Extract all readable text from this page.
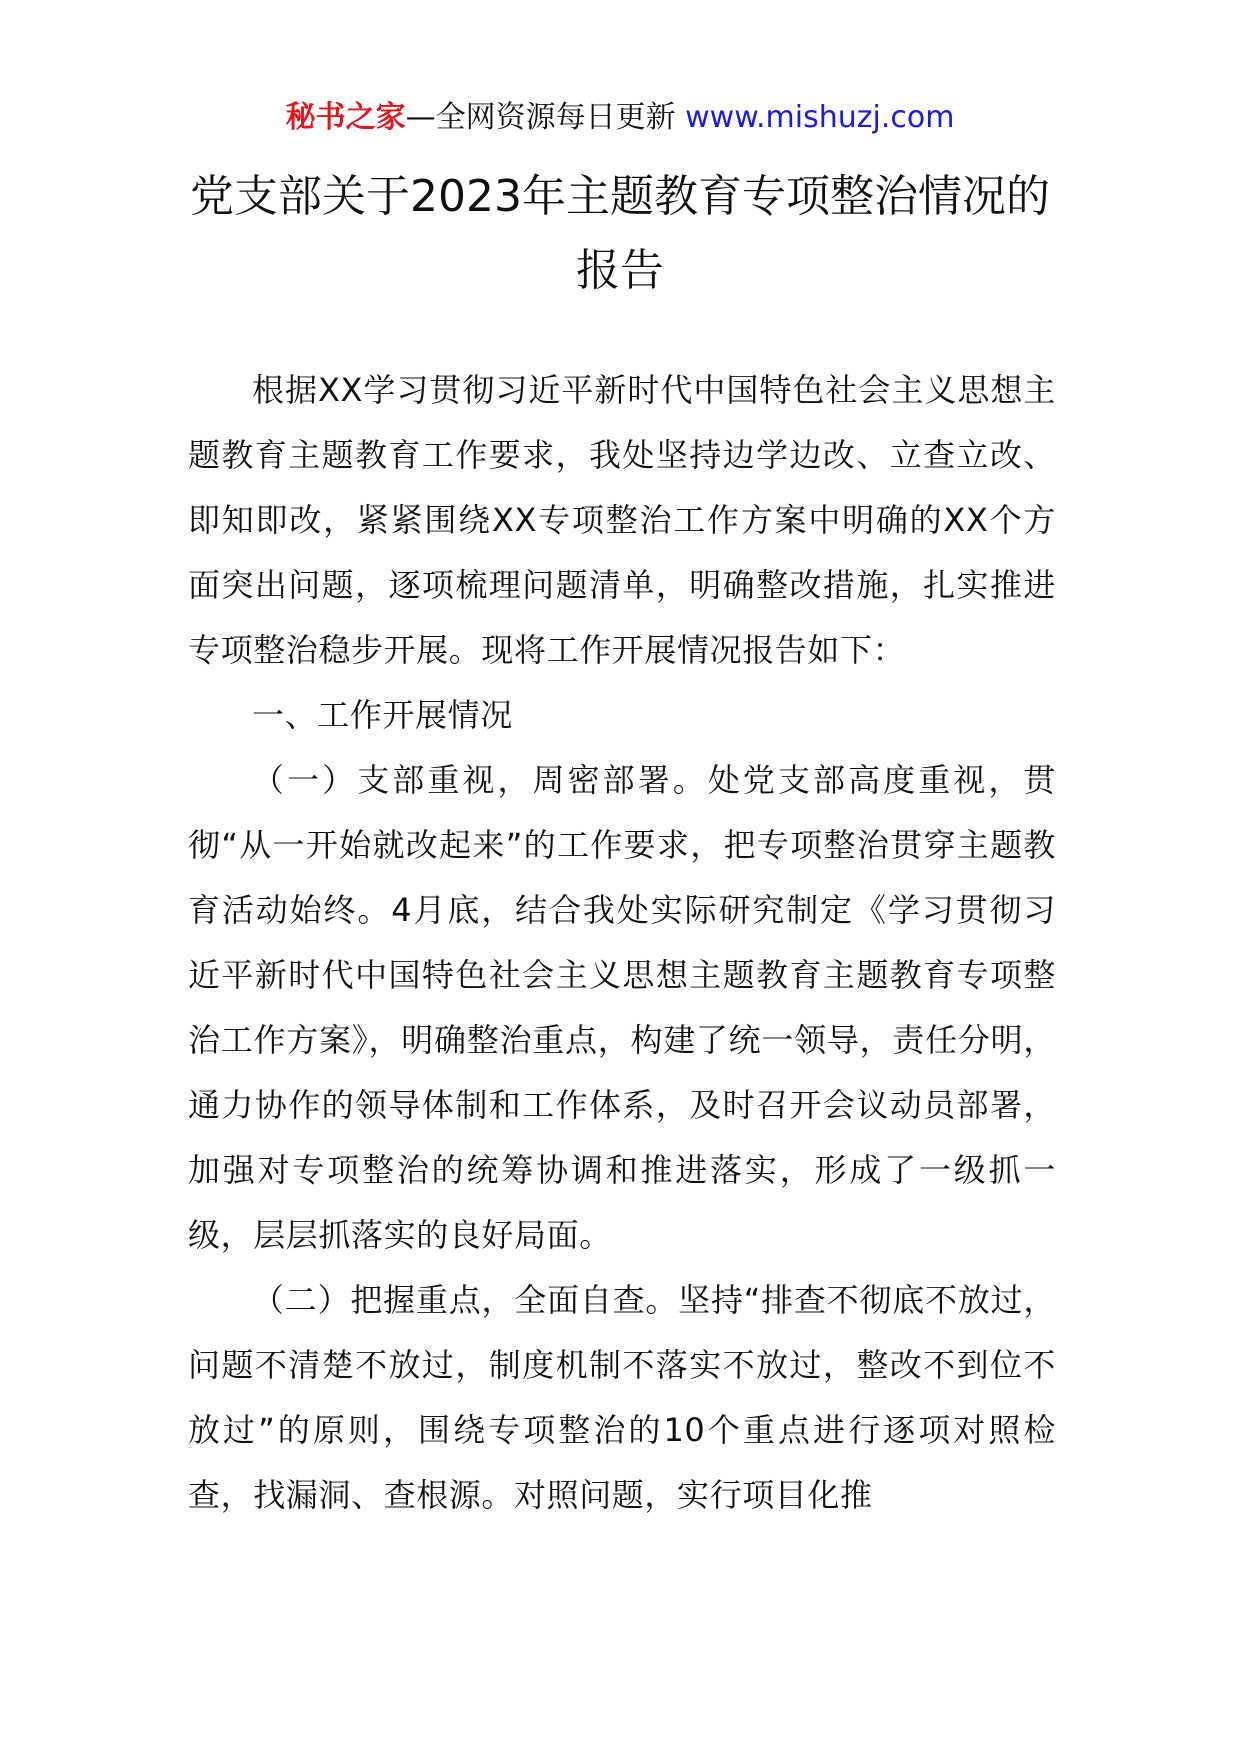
秘书之家—全网资源每日更新 www.mishuzj.com
党支部关于2023年主题教育专项整治情况的报告

根据XX学习贯彻习近平新时代中国特色社会主义思想主题教育主题教育工作要求，我处坚持边学边改、立查立改、即知即改，紧紧围绕XX专项整治工作方案中明确的XX个方面突出问题，逐项梳理问题清单，明确整改措施，扎实推进专项整治稳步开展。现将工作开展情况报告如下：

一、工作开展情况

（一）支部重视，周密部署。处党支部高度重视，贯彻“从一开始就改起来”的工作要求，把专项整治贯穿主题教育活动始终。4月底，结合我处实际研究制定《学习贯彻习近平新时代中国特色社会主义思想主题教育主题教育专项整治工作方案》，明确整治重点，构建了统一领导，责任分明，通力协作的领导体制和工作体系，及时召开会议动员部署，加强对专项整治的统筹协调和推进落实，形成了一级抓一级，层层抓落实的良好局面。

（二）把握重点，全面自查。坚持“排查不彻底不放过，问题不清楚不放过，制度机制不落实不放过，整改不到位不放过”的原则，围绕专项整治的10个重点进行逐项对照检查，找漏洞、查根源。对照问题，实行项目化推
